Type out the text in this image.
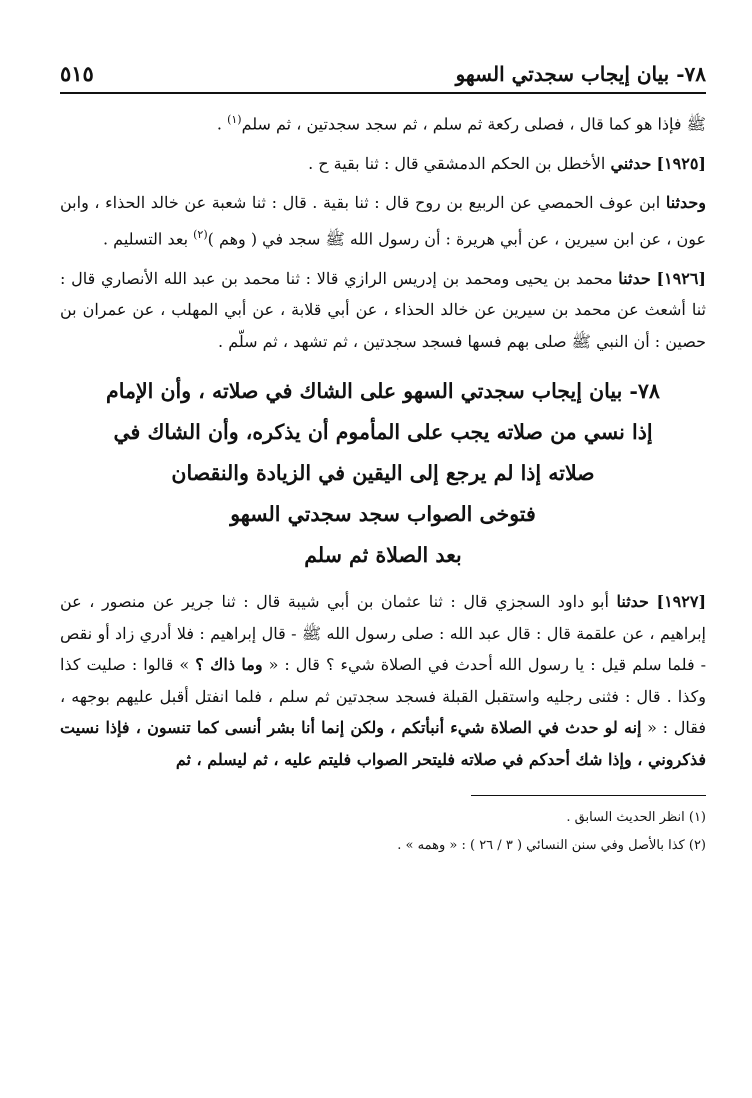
٧٨- بيان إيجاب سجدتي السهو
٥١٥

ﷺ فإذا هو كما قال ، فصلى ركعة ثم سلم ، ثم سجد سجدتين ، ثم سلم$^{(١)}$ .

[١٩٢٥] حدثني الأخطل بن الحكم الدمشقي قال : ثنا بقية ح .

وحدثنا ابن عوف الحمصي عن الربيع بن روح قال : ثنا بقية . قال : ثنا شعبة عن خالد الحذاء ، وابن عون ، عن ابن سيرين ، عن أبي هريرة : أن رسول الله ﷺ سجد في ( وهم )$^{(٢)}$ بعد التسليم .

[١٩٢٦] حدثنا محمد بن يحيى ومحمد بن إدريس الرازي قالا : ثنا محمد بن عبد الله الأنصاري قال : ثنا أشعث عن محمد بن سيرين عن خالد الحذاء ، عن أبي قلابة ، عن أبي المهلب ، عن عمران بن حصين : أن النبي ﷺ صلى بهم فسها فسجد سجدتين ، ثم تشهد ، ثم سلّم .

٧٨- بيان إيجاب سجدتي السهو على الشاك في صلاته ، وأن الإمام
إذا نسي من صلاته يجب على المأموم أن يذكره، وأن الشاك في
صلاته إذا لم يرجع إلى اليقين في الزيادة والنقصان
فتوخى الصواب سجد سجدتي السهو
بعد الصلاة ثم سلم

[١٩٢٧] حدثنا أبو داود السجزي قال : ثنا عثمان بن أبي شيبة قال : ثنا جرير عن منصور ، عن إبراهيم ، عن علقمة قال : قال عبد الله : صلى رسول الله ﷺ - قال إبراهيم : فلا أدري زاد أو نقص - فلما سلم قيل : يا رسول الله أحدث في الصلاة شيء ؟ قال : « وما ذاك ؟ » قالوا : صليت كذا وكذا . قال : فثنى رجليه واستقبل القبلة فسجد سجدتين ثم سلم ، فلما انفتل أقبل عليهم بوجهه ، فقال : « إنه لو حدث في الصلاة شيء أنبأتكم ، ولكن إنما أنا بشر أنسى كما تنسون ، فإذا نسيت فذكروني ، وإذا شك أحدكم في صلاته فليتحر الصواب فليتم عليه ، ثم ليسلم ، ثم

(١) انظر الحديث السابق .

(٢) كذا بالأصل وفي سنن النسائي ( ٣ / ٢٦ ) : « وهمه » .
